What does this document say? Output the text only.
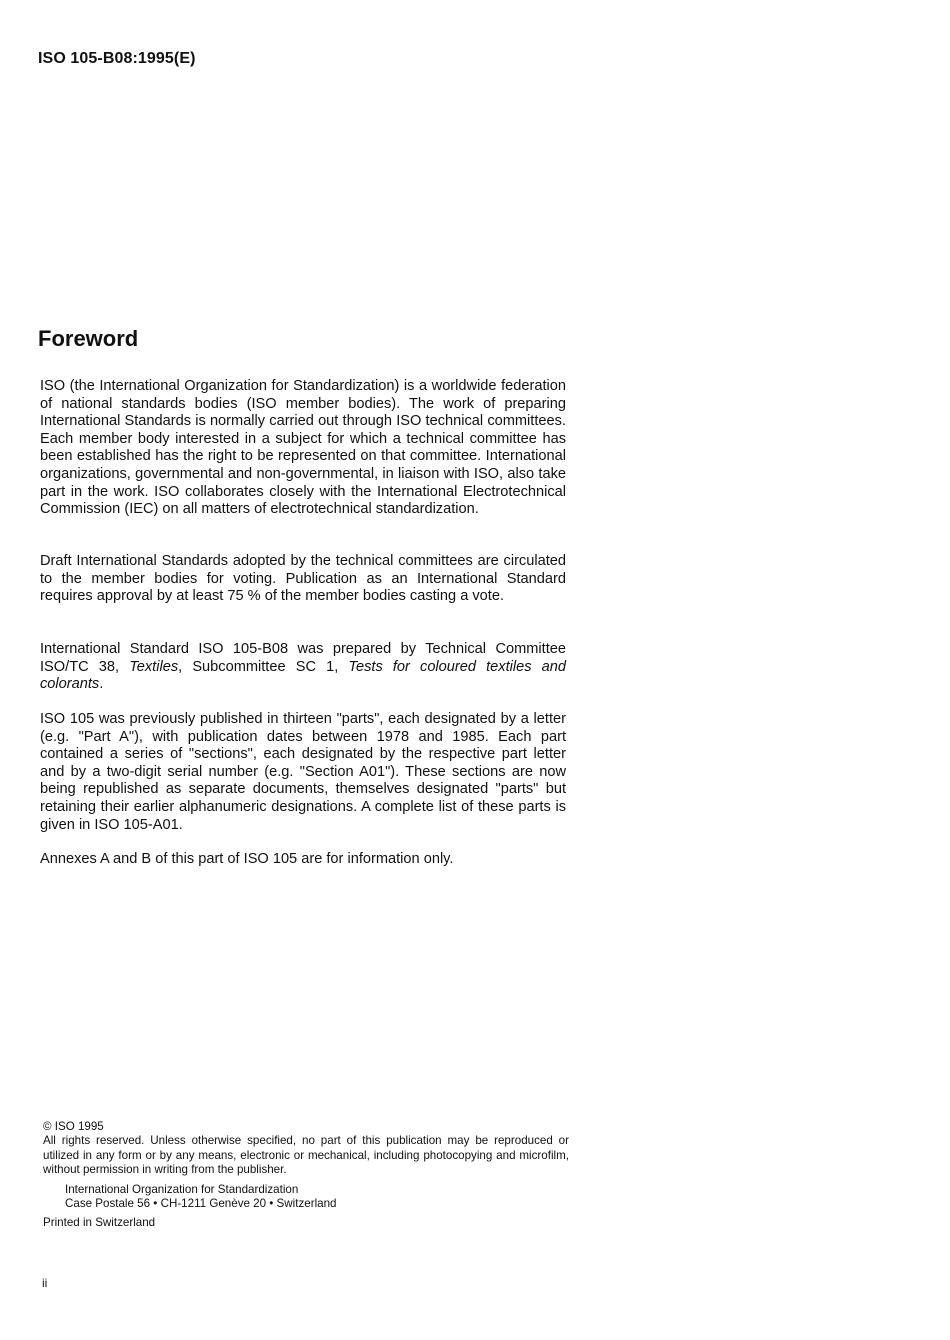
ISO 105-B08:1995(E)
Foreword

ISO (the International Organization for Standardization) is a worldwide federation of national standards bodies (ISO member bodies). The work of preparing International Standards is normally carried out through ISO technical committees. Each member body interested in a subject for which a technical committee has been established has the right to be represented on that committee. International organizations, governmental and non-governmental, in liaison with ISO, also take part in the work. ISO collaborates closely with the International Electrotechnical Commission (IEC) on all matters of electrotechnical standardization.

Draft International Standards adopted by the technical committees are circulated to the member bodies for voting. Publication as an International Standard requires approval by at least 75 % of the member bodies casting a vote.

International Standard ISO 105-B08 was prepared by Technical Committee ISO/TC 38, Textiles, Subcommittee SC 1, Tests for coloured textiles and colorants.

ISO 105 was previously published in thirteen "parts", each designated by a letter (e.g. "Part A"), with publication dates between 1978 and 1985. Each part contained a series of "sections", each designated by the respective part letter and by a two-digit serial number (e.g. "Section A01"). These sections are now being republished as separate documents, themselves designated "parts" but retaining their earlier alphanumeric designations. A complete list of these parts is given in ISO 105-A01.

Annexes A and B of this part of ISO 105 are for information only.

© ISO 1995

All rights reserved. Unless otherwise specified, no part of this publication may be reproduced or utilized in any form or by any means, electronic or mechanical, including photocopying and microfilm, without permission in writing from the publisher.

International Organization for Standardization
Case Postale 56 • CH-1211 Genève 20 • Switzerland
Printed in Switzerland
ii
